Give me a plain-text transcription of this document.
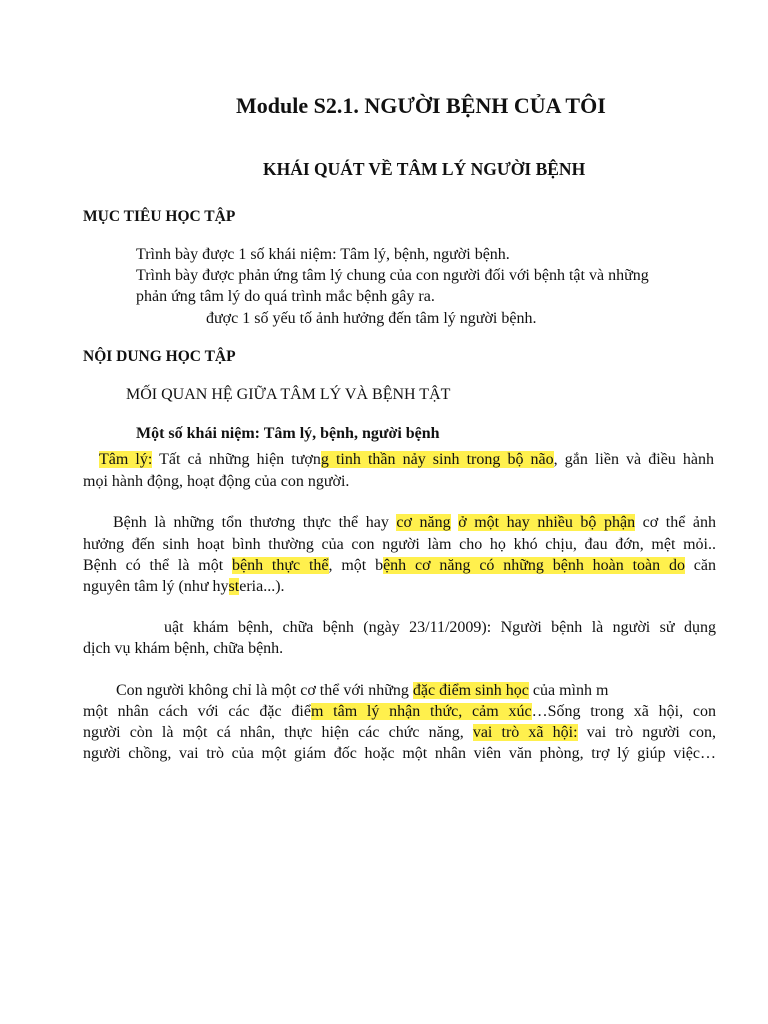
Module S2.1. NGƯỜI BỆNH CỦA TÔI
KHÁI QUÁT VỀ TÂM LÝ NGƯỜI BỆNH
MỤC TIÊU HỌC TẬP
Trình bày được 1 số khái niệm: Tâm lý, bệnh, người bệnh.
Trình bày được phản ứng tâm lý chung của con người đối với bệnh tật và những
phản ứng tâm lý do quá trình mắc bệnh gây ra.
được 1 số yếu tố ảnh hưởng đến tâm lý người bệnh.
NỘI DUNG HỌC TẬP
MỐI QUAN HỆ GIỮA TÂM LÝ VÀ BỆNH TẬT
Một số khái niệm: Tâm lý, bệnh, người bệnh
Tâm lý: Tất cả những hiện tượng tinh thần nảy sinh trong bộ não, gắn liền và điều hành
mọi hành động, hoạt động của con người.
Bệnh là những tổn thương thực thể hay cơ năng ở một hay nhiều bộ phận cơ thể ảnh
hưởng đến sinh hoạt bình thường của con người làm cho họ khó chịu, đau đớn, mệt mỏi..
Bệnh có thể là một bệnh thực thể, một bệnh cơ năng có những bệnh hoàn toàn do căn
nguyên tâm lý (như hysteria...).
uật khám bệnh, chữa bệnh (ngày 23/11/2009): Người bệnh là người sử dụng
dịch vụ khám bệnh, chữa bệnh.
Con người không chỉ là một cơ thể với những đặc điểm sinh học của mình m
một nhân cách với các đặc điểm tâm lý nhận thức, cảm xúc…Sống trong xã hội, con
người còn là một cá nhân, thực hiện các chức năng, vai trò xã hội: vai trò người con,
người chồng, vai trò của một giám đốc hoặc một nhân viên văn phòng, trợ lý giúp việc…
